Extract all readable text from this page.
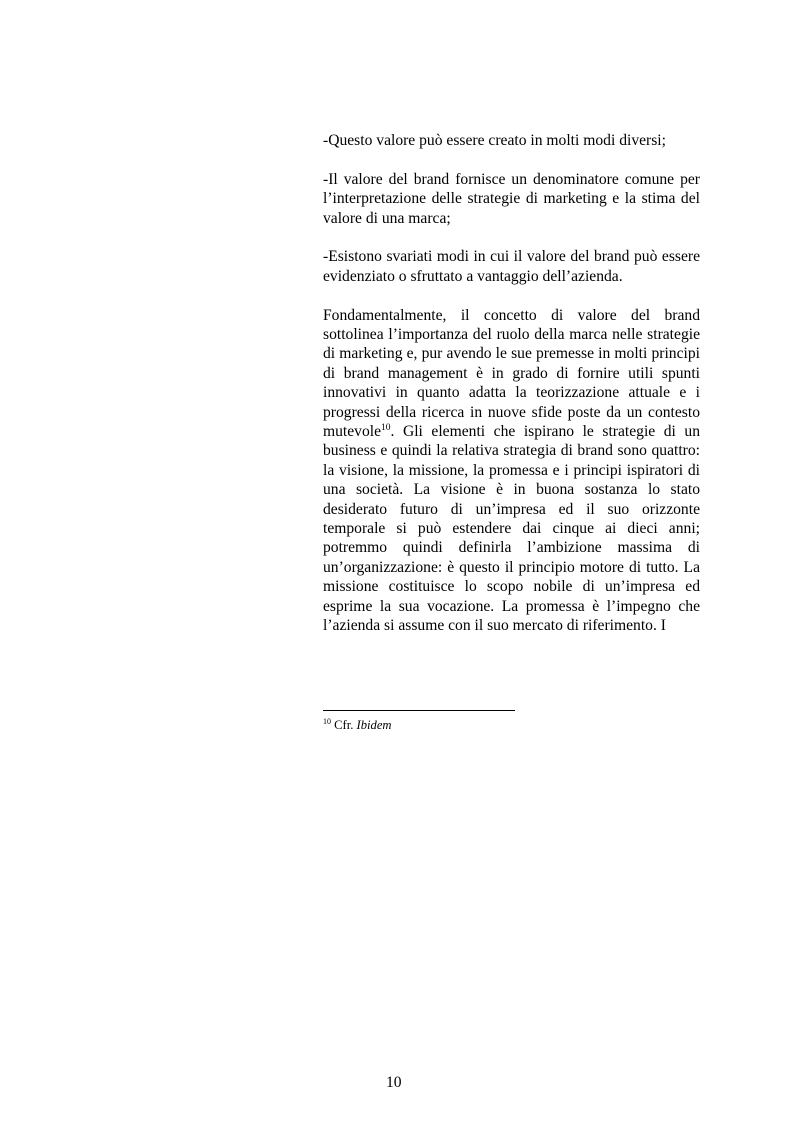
-Questo valore può essere creato in molti modi diversi;

-Il valore del brand fornisce un denominatore comune per l’interpretazione delle strategie di marketing e la stima del valore di una marca;

-Esistono svariati modi in cui il valore del brand può essere evidenziato o sfruttato a vantaggio dell’azienda.

Fondamentalmente, il concetto di valore del brand sottolinea l’importanza del ruolo della marca nelle strategie di marketing e, pur avendo le sue premesse in molti principi di brand management è in grado di fornire utili spunti innovativi in quanto adatta la teorizzazione attuale e i progressi della ricerca in nuove sfide poste da un contesto mutevole$^{10}$. Gli elementi che ispirano le strategie di un business e quindi la relativa strategia di brand sono quattro: la visione, la missione, la promessa e i principi ispiratori di una società. La visione è in buona sostanza lo stato desiderato futuro di un’impresa ed il suo orizzonte temporale si può estendere dai cinque ai dieci anni; potremmo quindi definirla l’ambizione massima di un’organizzazione: è questo il principio motore di tutto. La missione costituisce lo scopo nobile di un’impresa ed esprime la sua vocazione. La promessa è l’impegno che l’azienda si assume con il suo mercato di riferimento. I

$^{10}$ Cfr. Ibidem
10
